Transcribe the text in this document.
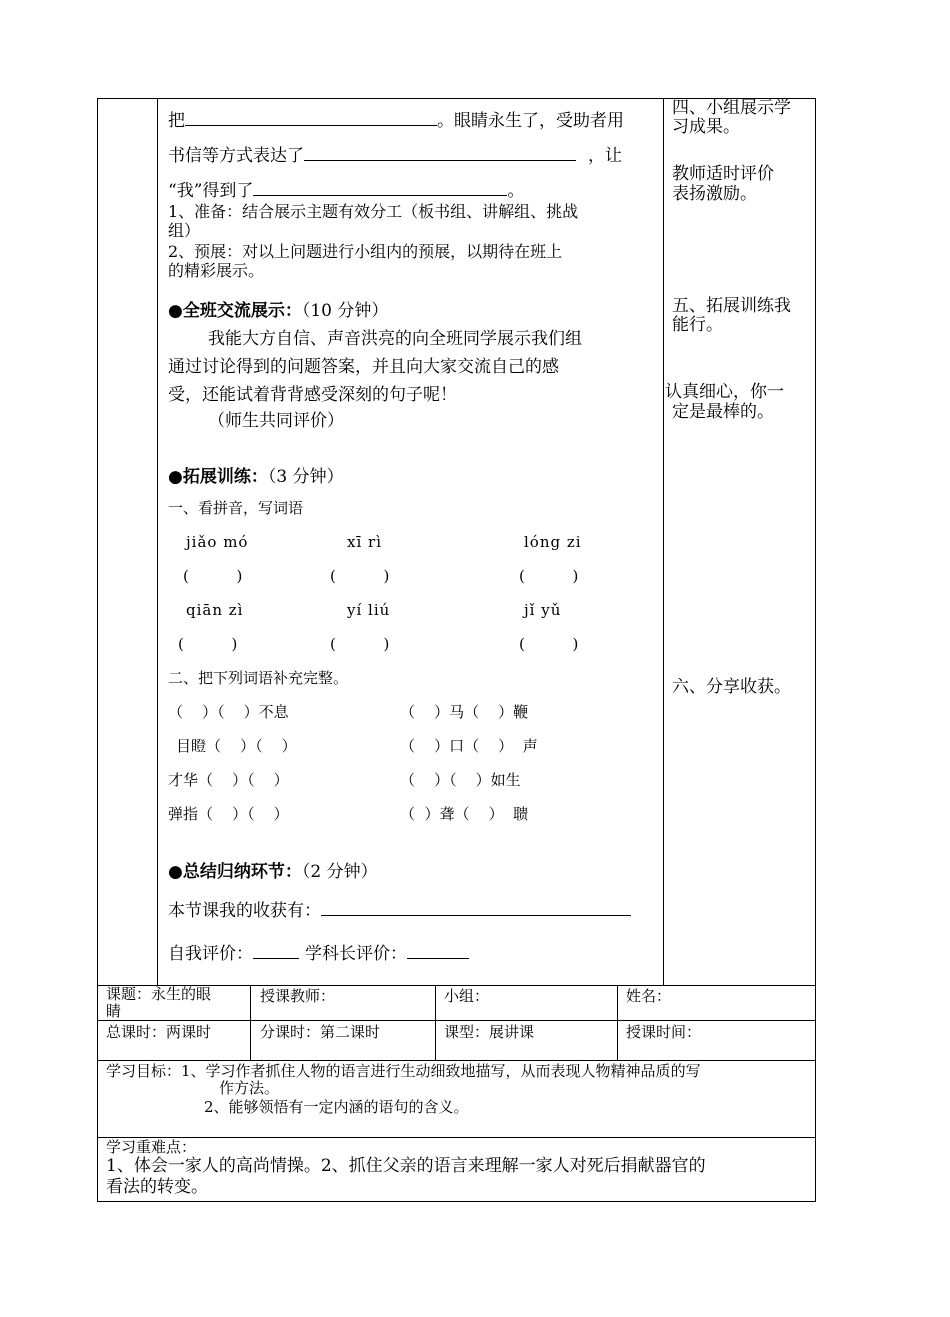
把	。眼睛永生了，受助者用
书信等方式表达了	，让
“我”得到了	。
1、准备：结合展示主题有效分工（板书组、讲解组、挑战
组）
2、预展：对以上问题进行小组内的预展，以期待在班上
的精彩展示。
●全班交流展示：（10 分钟）
我能大方自信、声音洪亮的向全班同学展示我们组
通过讨论得到的问题答案，并且向大家交流自己的感
受，还能试着背背感受深刻的句子呢！
（师生共同评价）
●拓展训练：（3 分钟）
一、看拼音，写词语
jiǎo mó	xī rì	lóng zi
(          )	(          )	(          )
qiān zì	yí liú	jǐ yǔ
(          )	(          )	(          )
二、把下列词语补充完整。
（    ）（    ）不息	（    ）马（    ）鞭
目瞪（    ）（    ）	（    ）口（    ）  声
才华（    ）（    ）	（    ）（    ）如生
弹指（    ）（    ）	（  ）聋（    ）  聩
●总结归纳环节：（2 分钟）
本节课我的收获有：
自我评价：	学科长评价：
四、小组展示学
习成果。
教师适时评价
表扬激励。
五、拓展训练我
能行。
认真细心，你一
定是最棒的。
六、分享收获。
课题：永生的眼
睛
授课教师：	小组：	姓名：
总课时：两课时	分课时：第二课时	课型：展讲课	授课时间：
学习目标：1、学习作者抓住人物的语言进行生动细致地描写，从而表现人物精神品质的写
作方法。
2、能够领悟有一定内涵的语句的含义。
学习重难点：
1、体会一家人的高尚情操。2、抓住父亲的语言来理解一家人对死后捐献器官的
看法的转变。
